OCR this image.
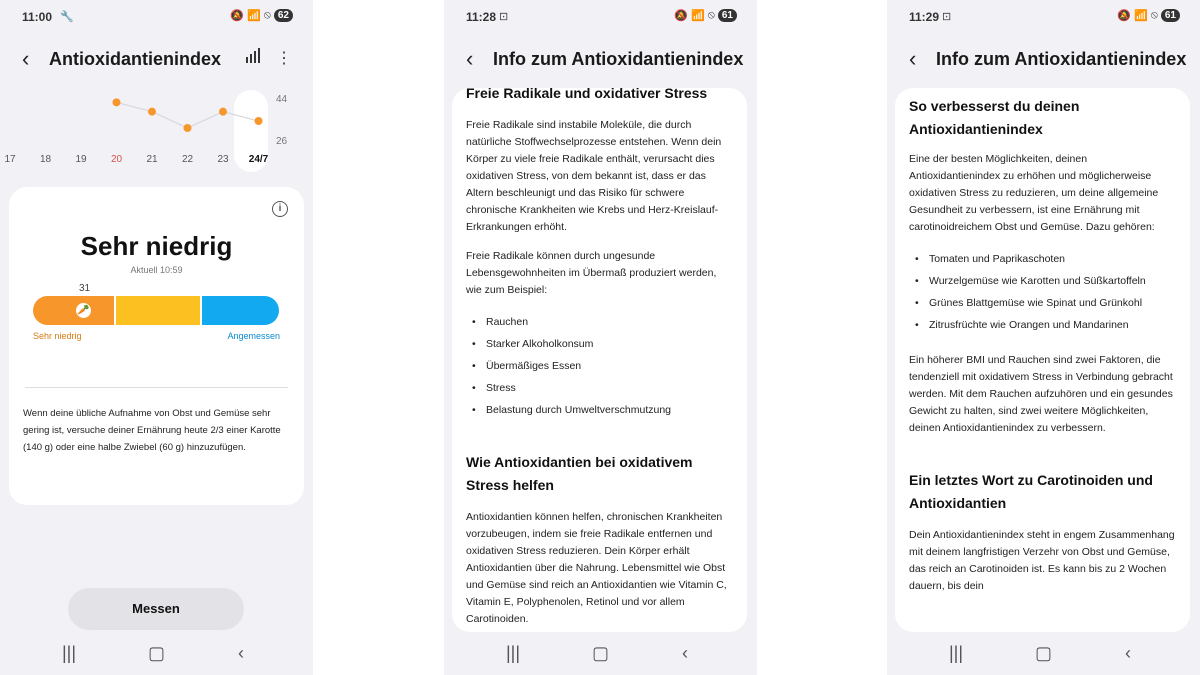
11:00 🔧	🔕 📶 ⦸ 62
‹ Antioxidantienindex	⋮
17	18	19	20	21	22	23	24/7
44
26
i
Sehr niedrig
Aktuell 10:59
31
🥕
Sehr niedrig	Angemessen
Wenn deine übliche Aufnahme von Obst und Gemüse sehr gering ist, versuche deiner Ernährung heute 2/3 einer Karotte (140 g) oder eine halbe Zwiebel (60 g) hinzuzufügen.
Messen
|||	▢	‹
11:28 ⊡	🔕 📶 ⦸ 61
‹ Info zum Antioxidantienindex
Freie Radikale und oxidativer Stress

Freie Radikale sind instabile Moleküle, die durch natürliche Stoffwechselprozesse entstehen. Wenn dein Körper zu viele freie Radikale enthält, verursacht dies oxidativen Stress, von dem bekannt ist, dass er das Altern beschleunigt und das Risiko für schwere chronische Krankheiten wie Krebs und Herz-Kreislauf-Erkrankungen erhöht.

Freie Radikale können durch ungesunde Lebensgewohnheiten im Übermaß produziert werden, wie zum Beispiel:

• Rauchen
• Starker Alkoholkonsum
• Übermäßiges Essen
• Stress
• Belastung durch Umweltverschmutzung
Wie Antioxidantien bei oxidativem Stress helfen

Antioxidantien können helfen, chronischen Krankheiten vorzubeugen, indem sie freie Radikale entfernen und oxidativen Stress reduzieren. Dein Körper erhält Antioxidantien über die Nahrung. Lebensmittel wie Obst und Gemüse sind reich an Antioxidantien wie Vitamin C, Vitamin E, Polyphenolen, Retinol und vor allem Carotinoiden.

|||	▢	‹
11:29 ⊡	🔕 📶 ⦸ 61
‹ Info zum Antioxidantienindex
So verbesserst du deinen Antioxidantienindex

Eine der besten Möglichkeiten, deinen Antioxidantienindex zu erhöhen und möglicherweise oxidativen Stress zu reduzieren, um deine allgemeine Gesundheit zu verbessern, ist eine Ernährung mit carotinoidreichem Obst und Gemüse. Dazu gehören:

• Tomaten und Paprikaschoten
• Wurzelgemüse wie Karotten und Süßkartoffeln
• Grünes Blattgemüse wie Spinat und Grünkohl
• Zitrusfrüchte wie Orangen und Mandarinen

Ein höherer BMI und Rauchen sind zwei Faktoren, die tendenziell mit oxidativem Stress in Verbindung gebracht werden. Mit dem Rauchen aufzuhören und ein gesundes Gewicht zu halten, sind zwei weitere Möglichkeiten, deinen Antioxidantienindex zu verbessern.

Ein letztes Wort zu Carotinoiden und Antioxidantien

Dein Antioxidantienindex steht in engem Zusammenhang mit deinem langfristigen Verzehr von Obst und Gemüse, das reich an Carotinoiden ist. Es kann bis zu 2 Wochen dauern, bis dein

|||	▢	‹
